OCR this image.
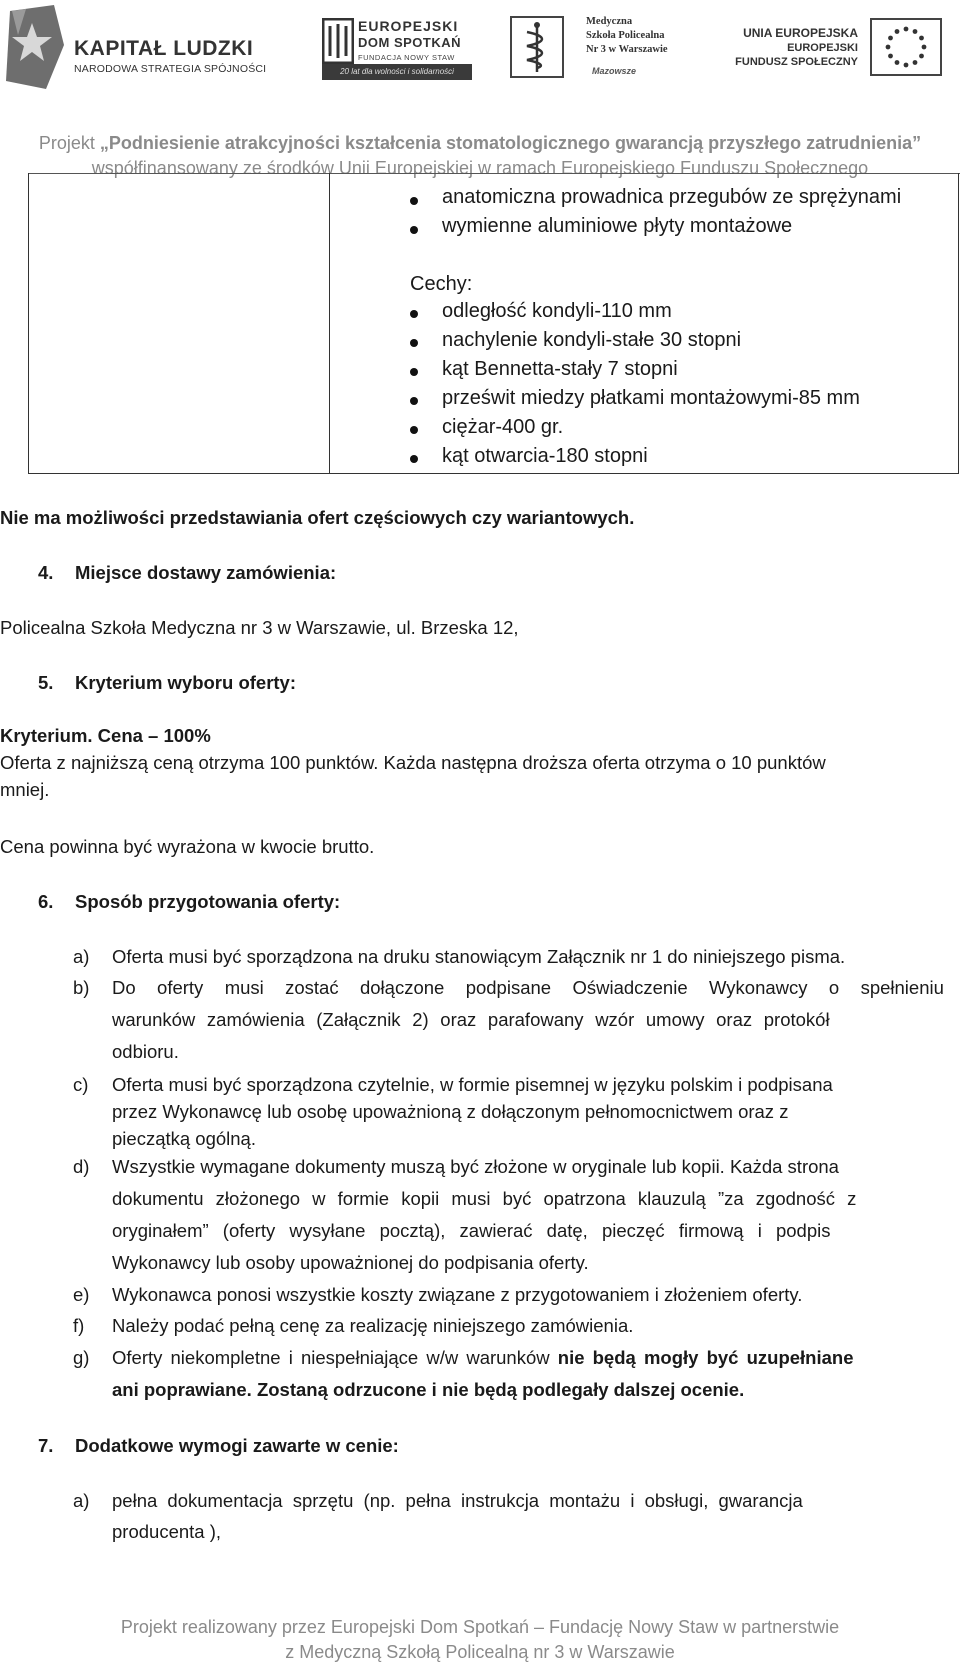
KAPITAŁ LUDZKI
NARODOWA STRATEGIA SPÓJNOŚCI
EUROPEJSKI
DOM SPOTKAŃ
FUNDACJA NOWY STAW
20 lat dla wolności i solidarności
Medyczna
Szkoła Policealna
Nr 3 w Warszawie
Mazowsze
UNIA EUROPEJSKA
EUROPEJSKI
FUNDUSZ SPOŁECZNY
Projekt „Podniesienie atrakcyjności kształcenia stomatologicznego gwarancją przyszłego zatrudnienia”
współfinansowany ze środków Unii Europejskiej w ramach Europejskiego Funduszu Społecznego
anatomiczna prowadnica przegubów ze sprężynami
wymienne aluminiowe płyty montażowe
Cechy:
odległość kondyli-110 mm
nachylenie kondyli-stałe 30 stopni
kąt Bennetta-stały 7 stopni
prześwit miedzy płatkami montażowymi-85 mm
ciężar-400 gr.
kąt otwarcia-180 stopni
Nie ma możliwości przedstawiania ofert częściowych czy wariantowych.
4. Miejsce dostawy zamówienia:
Policealna Szkoła Medyczna nr 3 w Warszawie, ul. Brzeska 12,
5. Kryterium wyboru oferty:
Kryterium. Cena – 100%
Oferta z najniższą ceną otrzyma 100 punktów. Każda następna droższa oferta otrzyma o 10 punktów
mniej.
Cena powinna być wyrażona w kwocie brutto.
6. Sposób przygotowania oferty:
a) Oferta musi być sporządzona na druku stanowiącym Załącznik nr 1 do niniejszego pisma.
b) Do oferty musi zostać dołączone podpisane Oświadczenie Wykonawcy o spełnieniu
warunków zamówienia (Załącznik 2) oraz parafowany wzór umowy oraz protokół
odbioru.
c) Oferta musi być sporządzona czytelnie, w formie pisemnej w języku polskim i podpisana
przez Wykonawcę lub osobę upoważnioną z dołączonym pełnomocnictwem oraz z
pieczątką ogólną.
d) Wszystkie wymagane dokumenty muszą być złożone w oryginale lub kopii. Każda strona
dokumentu złożonego w formie kopii musi być opatrzona klauzulą ”za zgodność z
oryginałem” (oferty wysyłane pocztą), zawierać datę, pieczęć firmową i podpis
Wykonawcy lub osoby upoważnionej do podpisania oferty.
e) Wykonawca ponosi wszystkie koszty związane z przygotowaniem i złożeniem oferty.
f) Należy podać pełną cenę za realizację niniejszego zamówienia.
g) Oferty niekompletne i niespełniające w/w warunków nie będą mogły być uzupełniane
ani poprawiane. Zostaną odrzucone i nie będą podlegały dalszej ocenie.
7. Dodatkowe wymogi zawarte w cenie:
a) pełna dokumentacja sprzętu (np. pełna instrukcja montażu i obsługi, gwarancja
producenta ),
Projekt realizowany przez Europejski Dom Spotkań – Fundację Nowy Staw w partnerstwie
z Medyczną Szkołą Policealną nr 3 w Warszawie
